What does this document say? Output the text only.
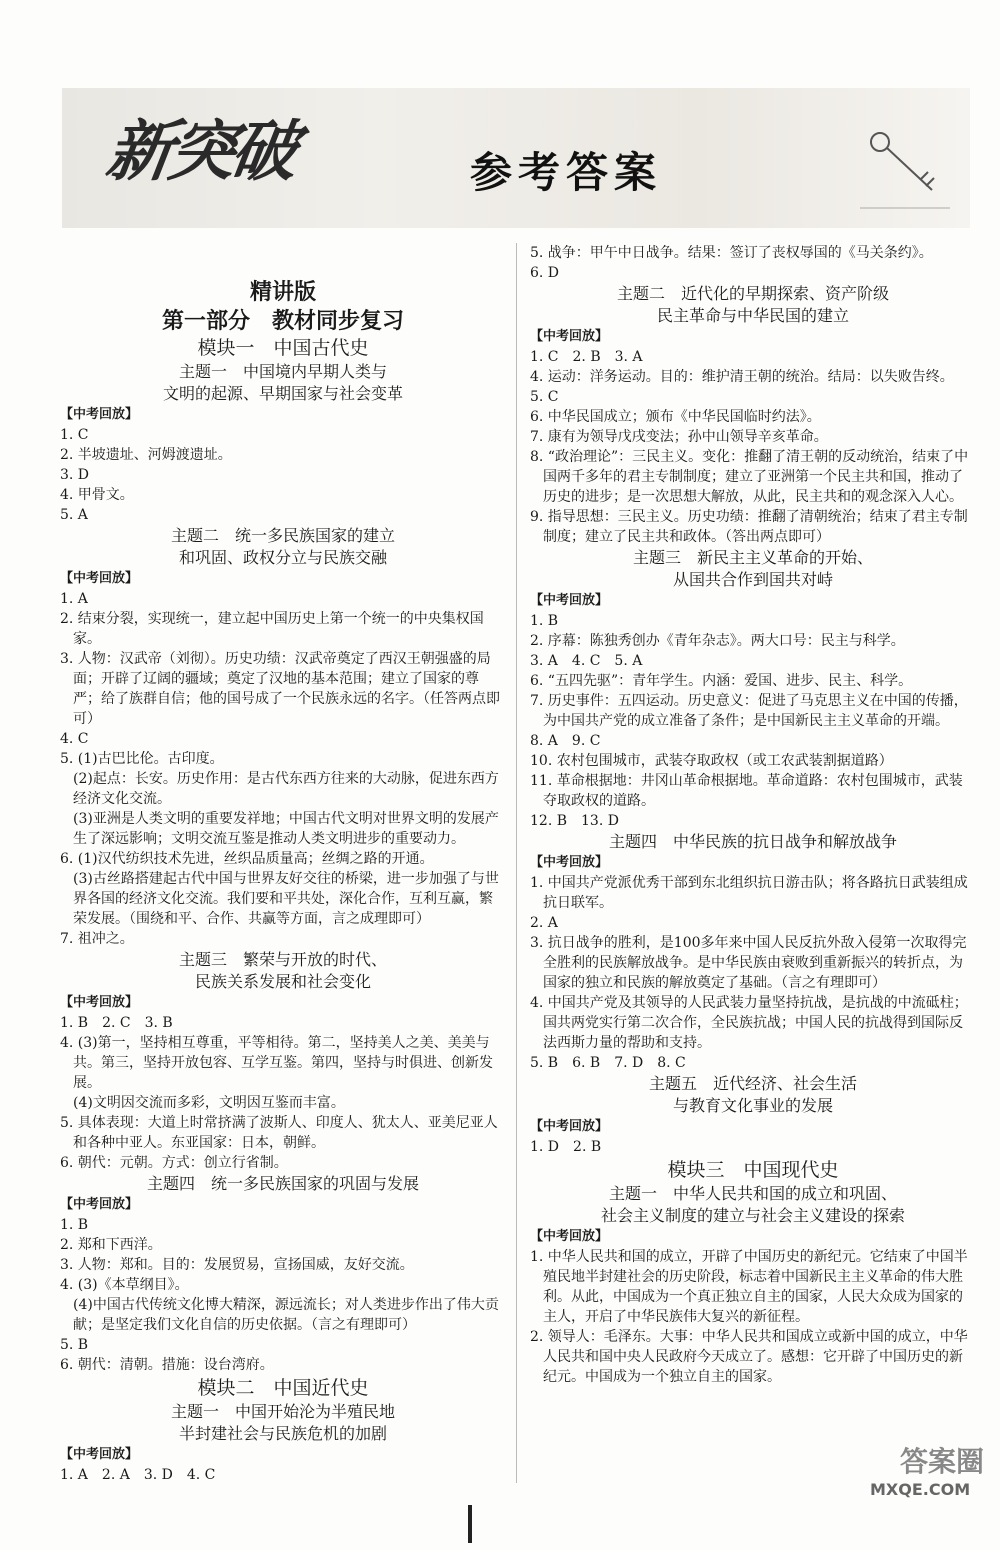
新突破	参考答案
精讲版
第一部分　教材同步复习
模块一　中国古代史
主题一　中国境内早期人类与
文明的起源、早期国家与社会变革
【中考回放】
1. C
2. 半坡遗址、河姆渡遗址。
3. D
4. 甲骨文。
5. A
主题二　统一多民族国家的建立
和巩固、政权分立与民族交融
【中考回放】
1. A
2. 结束分裂，实现统一，建立起中国历史上第一个统一的中央集权国家。
3. 人物：汉武帝（刘彻）。历史功绩：汉武帝奠定了西汉王朝强盛的局面；开辟了辽阔的疆域；奠定了汉地的基本范围；建立了国家的尊严；给了族群自信；他的国号成了一个民族永远的名字。（任答两点即可）
4. C
5. (1)古巴比伦。古印度。
(2)起点：长安。历史作用：是古代东西方往来的大动脉，促进东西方经济文化交流。
(3)亚洲是人类文明的重要发祥地；中国古代文明对世界文明的发展产生了深远影响；文明交流互鉴是推动人类文明进步的重要动力。
6. (1)汉代纺织技术先进，丝织品质量高；丝绸之路的开通。
(3)古丝路搭建起古代中国与世界友好交往的桥梁，进一步加强了与世界各国的经济文化交流。我们要和平共处，深化合作，互利互赢，繁荣发展。（围绕和平、合作、共赢等方面，言之成理即可）
7. 祖冲之。
主题三　繁荣与开放的时代、
民族关系发展和社会变化
【中考回放】
1. B　2. C　3. B
4. (3)第一，坚持相互尊重，平等相待。第二，坚持美人之美、美美与共。第三，坚持开放包容、互学互鉴。第四，坚持与时俱进、创新发展。
(4)文明因交流而多彩，文明因互鉴而丰富。
5. 具体表现：大道上时常挤满了波斯人、印度人、犹太人、亚美尼亚人和各种中亚人。东亚国家：日本，朝鲜。
6. 朝代：元朝。方式：创立行省制。
主题四　统一多民族国家的巩固与发展
【中考回放】
1. B
2. 郑和下西洋。
3. 人物：郑和。目的：发展贸易，宣扬国威，友好交流。
4. (3)《本草纲目》。
(4)中国古代传统文化博大精深，源远流长；对人类进步作出了伟大贡献；是坚定我们文化自信的历史依据。（言之有理即可）
5. B
6. 朝代：清朝。措施：设台湾府。
模块二　中国近代史
主题一　中国开始沦为半殖民地
半封建社会与民族危机的加剧
【中考回放】
1. A　2. A　3. D　4. C
5. 战争：甲午中日战争。结果：签订了丧权辱国的《马关条约》。
6. D
主题二　近代化的早期探索、资产阶级
民主革命与中华民国的建立
【中考回放】
1. C　2. B　3. A
4. 运动：洋务运动。目的：维护清王朝的统治。结局：以失败告终。
5. C
6. 中华民国成立；颁布《中华民国临时约法》。
7. 康有为领导戊戌变法；孙中山领导辛亥革命。
8. “政治理论”：三民主义。变化：推翻了清王朝的反动统治，结束了中国两千多年的君主专制制度；建立了亚洲第一个民主共和国，推动了历史的进步；是一次思想大解放，从此，民主共和的观念深入人心。
9. 指导思想：三民主义。历史功绩：推翻了清朝统治；结束了君主专制制度；建立了民主共和政体。（答出两点即可）
主题三　新民主主义革命的开始、
从国共合作到国共对峙
【中考回放】
1. B
2. 序幕：陈独秀创办《青年杂志》。两大口号：民主与科学。
3. A　4. C　5. A
6. “五四先驱”：青年学生。内涵：爱国、进步、民主、科学。
7. 历史事件：五四运动。历史意义：促进了马克思主义在中国的传播，为中国共产党的成立准备了条件；是中国新民主主义革命的开端。
8. A　9. C
10. 农村包围城市，武装夺取政权（或工农武装割据道路）
11. 革命根据地：井冈山革命根据地。革命道路：农村包围城市，武装夺取政权的道路。
12. B　13. D
主题四　中华民族的抗日战争和解放战争
【中考回放】
1. 中国共产党派优秀干部到东北组织抗日游击队；将各路抗日武装组成抗日联军。
2. A
3. 抗日战争的胜利，是100多年来中国人民反抗外敌入侵第一次取得完全胜利的民族解放战争。是中华民族由衰败到重新振兴的转折点，为国家的独立和民族的解放奠定了基础。（言之有理即可）
4. 中国共产党及其领导的人民武装力量坚持抗战，是抗战的中流砥柱；国共两党实行第二次合作，全民族抗战；中国人民的抗战得到国际反法西斯力量的帮助和支持。
5. B　6. B　7. D　8. C
主题五　近代经济、社会生活
与教育文化事业的发展
【中考回放】
1. D　2. B
模块三　中国现代史
主题一　中华人民共和国的成立和巩固、
社会主义制度的建立与社会主义建设的探索
【中考回放】
1. 中华人民共和国的成立，开辟了中国历史的新纪元。它结束了中国半殖民地半封建社会的历史阶段，标志着中国新民主主义革命的伟大胜利。从此，中国成为一个真正独立自主的国家，人民大众成为国家的主人，开启了中华民族伟大复兴的新征程。
2. 领导人：毛泽东。大事：中华人民共和国成立或新中国的成立，中华人民共和国中央人民政府今天成立了。感想：它开辟了中国历史的新纪元。中国成为一个独立自主的国家。
答案圈
MXQE.COM
